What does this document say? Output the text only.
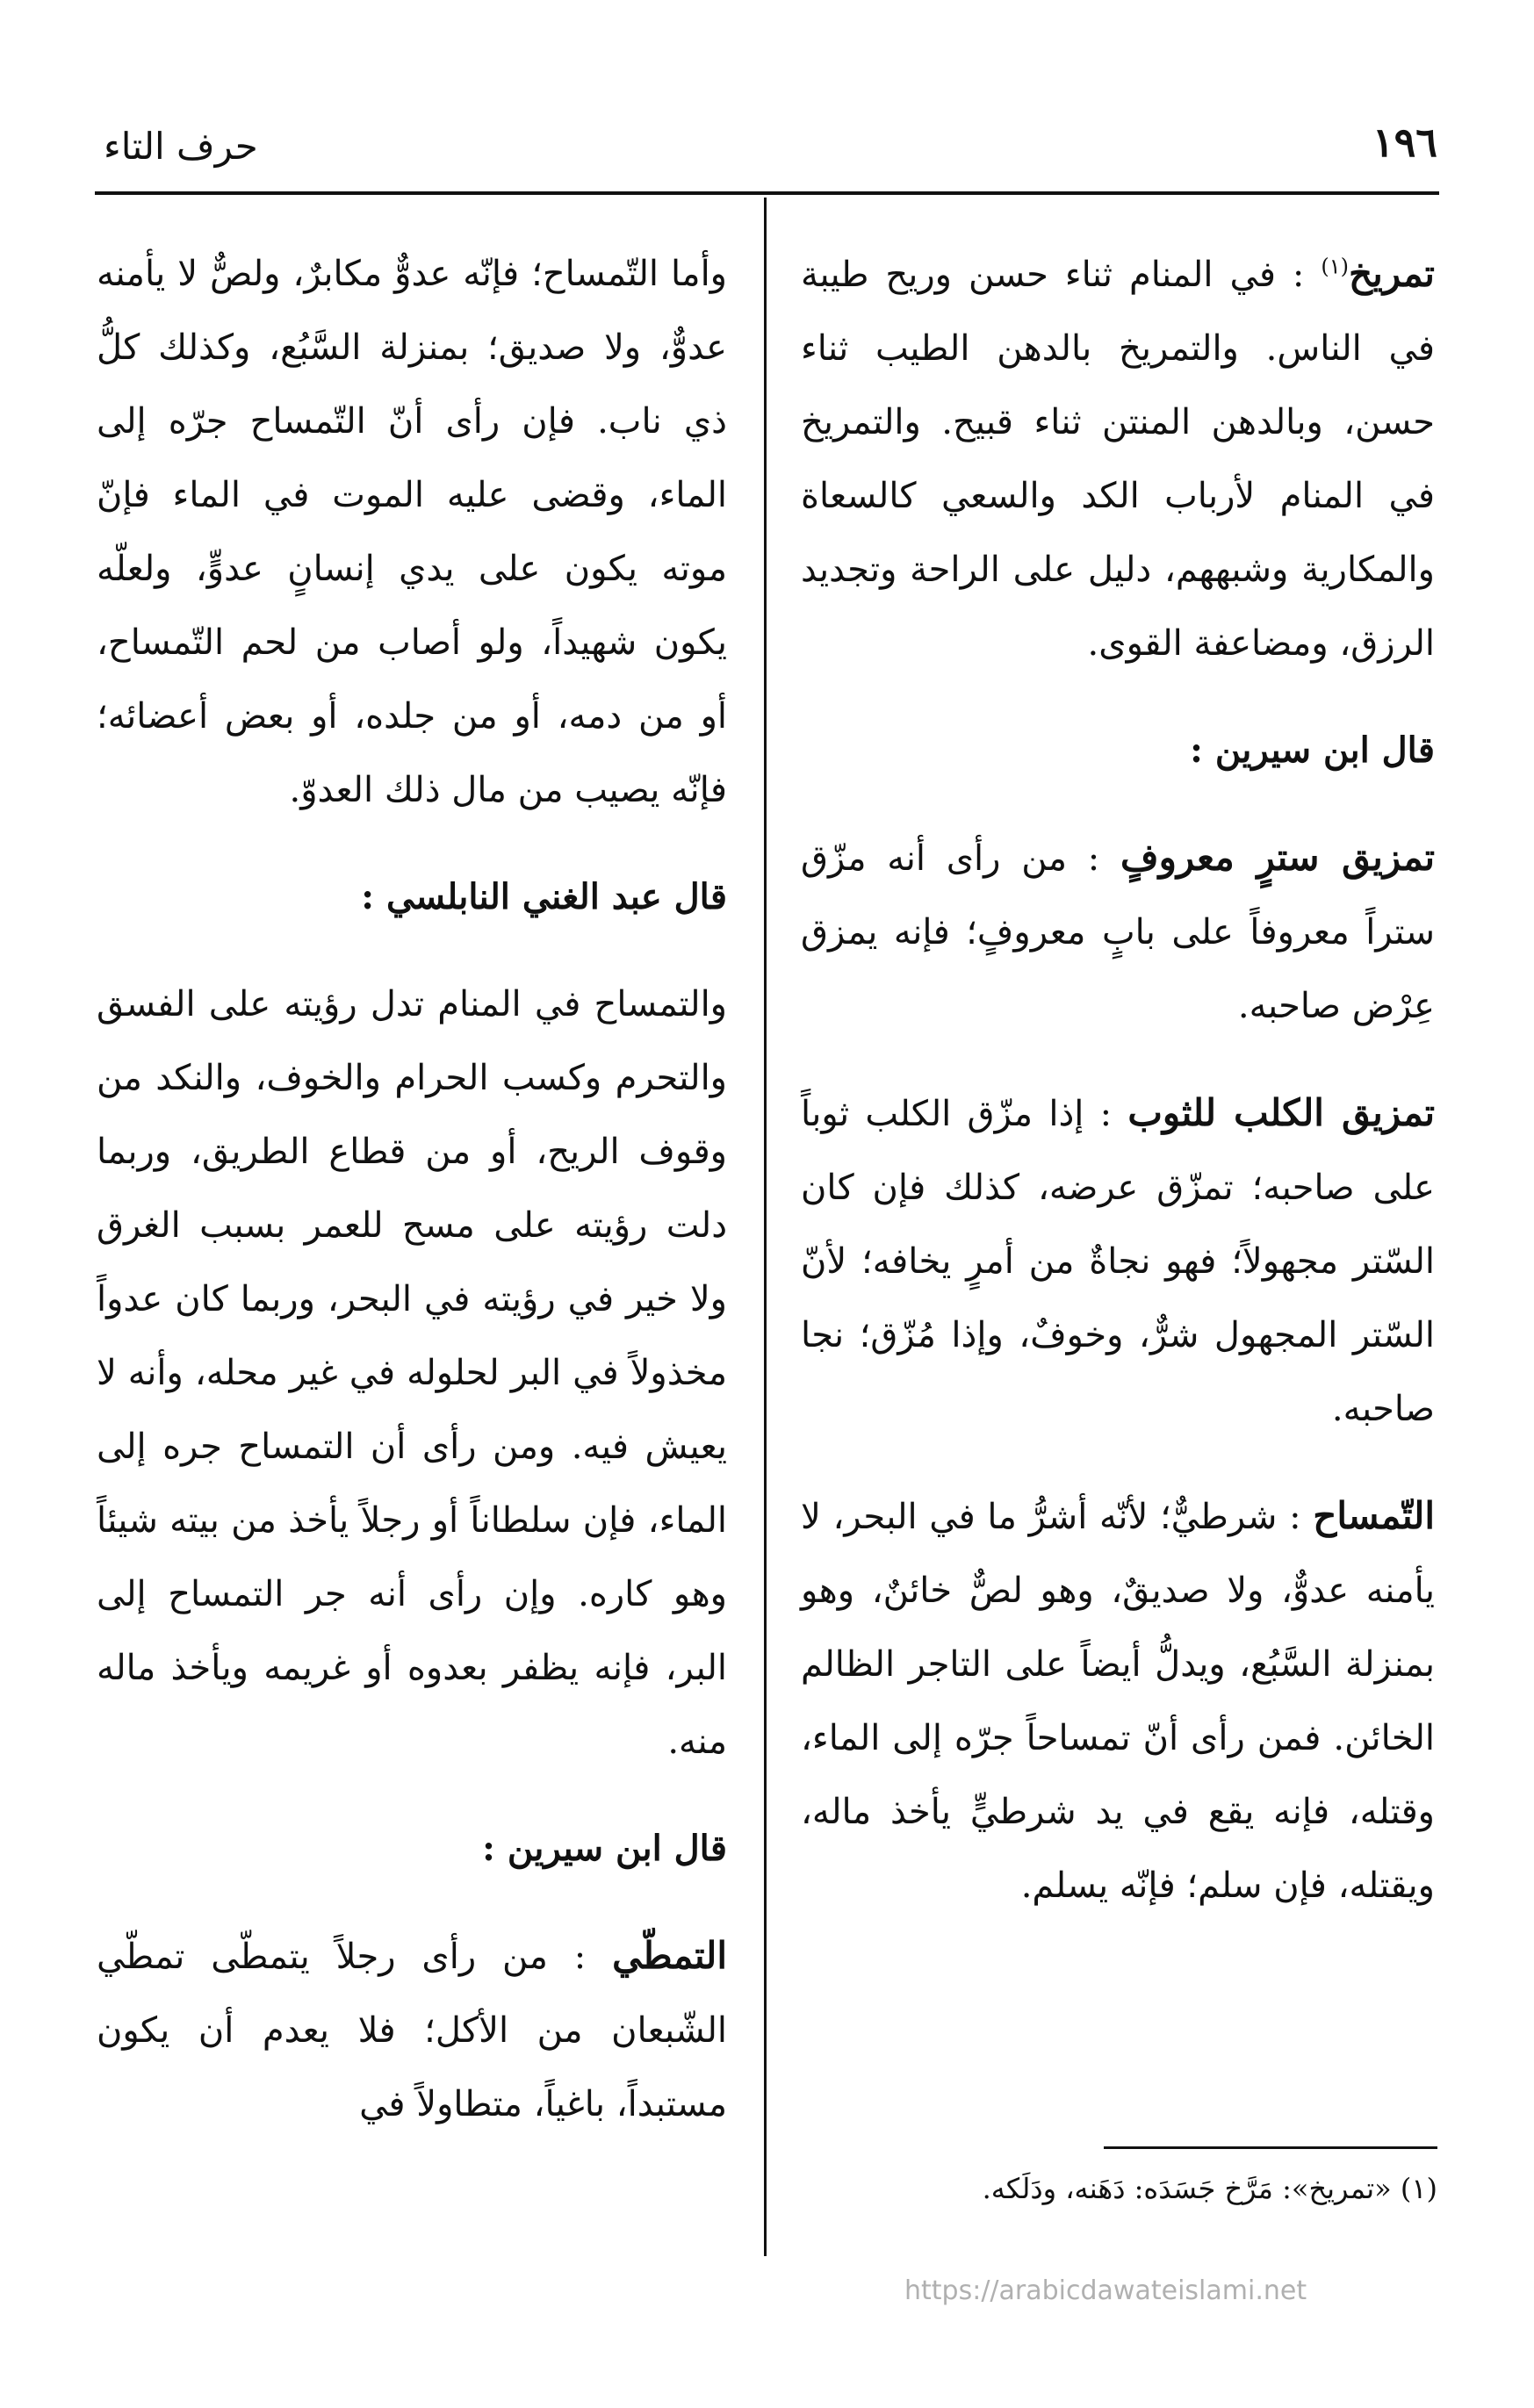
١٩٦
حرف التاء

تمريخ$^{(١)}$ : في المنام ثناء حسن وريح طيبة في الناس. والتمريخ بالدهن الطيب ثناء حسن، وبالدهن المنتن ثناء قبيح. والتمريخ في المنام لأرباب الكد والسعي كالسعاة والمكارية وشبههم، دليل على الراحة وتجديد الرزق، ومضاعفة القوى.

قال ابن سيرين :

تمزيق سترٍ معروفٍ : من رأى أنه مزّق ستراً معروفاً على بابٍ معروفٍ؛ فإنه يمزق عِرْض صاحبه.

تمزيق الكلب للثوب : إذا مزّق الكلب ثوباً على صاحبه؛ تمزّق عرضه، كذلك فإن كان السّتر مجهولاً؛ فهو نجاةٌ من أمرٍ يخافه؛ لأنّ السّتر المجهول شرٌّ، وخوفٌ، وإذا مُزّق؛ نجا صاحبه.

التّمساح : شرطيٌّ؛ لأنّه أشرُّ ما في البحر، لا يأمنه عدوٌّ، ولا صديقٌ، وهو لصٌّ خائنٌ، وهو بمنزلة السَّبُع، ويدلُّ أيضاً على التاجر الظالم الخائن. فمن رأى أنّ تمساحاً جرّه إلى الماء، وقتله، فإنه يقع في يد شرطيٍّ يأخذ ماله، ويقتله، فإن سلم؛ فإنّه يسلم.

وأما التّمساح؛ فإنّه عدوٌّ مكابرٌ، ولصٌّ لا يأمنه عدوٌّ، ولا صديق؛ بمنزلة السَّبُع، وكذلك كلُّ ذي ناب. فإن رأى أنّ التّمساح جرّه إلى الماء، وقضى عليه الموت في الماء فإنّ موته يكون على يدي إنسانٍ عدوٍّ، ولعلّه يكون شهيداً، ولو أصاب من لحم التّمساح، أو من دمه، أو من جلده، أو بعض أعضائه؛ فإنّه يصيب من مال ذلك العدوّ.

قال عبد الغني النابلسي :

والتمساح في المنام تدل رؤيته على الفسق والتحرم وكسب الحرام والخوف، والنكد من وقوف الريح، أو من قطاع الطريق، وربما دلت رؤيته على مسح للعمر بسبب الغرق ولا خير في رؤيته في البحر، وربما كان عدواً مخذولاً في البر لحلوله في غير محله، وأنه لا يعيش فيه. ومن رأى أن التمساح جره إلى الماء، فإن سلطاناً أو رجلاً يأخذ من بيته شيئاً وهو كاره. وإن رأى أنه جر التمساح إلى البر، فإنه يظفر بعدوه أو غريمه ويأخذ ماله منه.

قال ابن سيرين :

التمطّي : من رأى رجلاً يتمطّى تمطّي الشّبعان من الأكل؛ فلا يعدم أن يكون مستبداً، باغياً، متطاولاً في

(١) «تمريخ»: مَرَّخ جَسَدَه: دَهَنه، ودَلَكه.
https://arabicdawateislami.net
